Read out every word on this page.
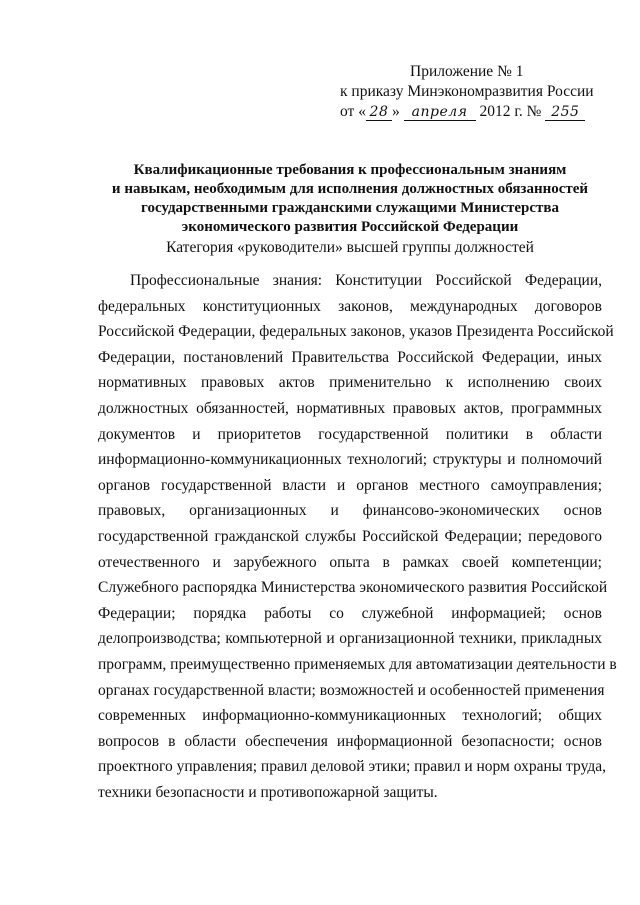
Приложение № 1
к приказу Минэкономразвития России
от « 28 » апреля 2012 г. № 255
Квалификационные требования к профессиональным знаниям
и навыкам, необходимым для исполнения должностных обязанностей
государственными гражданскими служащими Министерства
экономического развития Российской Федерации
Категория «руководители» высшей группы должностей
Профессиональные знания: Конституции Российской Федерации,
федеральных конституционных законов, международных договоров
Российской Федерации, федеральных законов, указов Президента Российской
Федерации, постановлений Правительства Российской Федерации, иных
нормативных правовых актов применительно к исполнению своих
должностных обязанностей, нормативных правовых актов, программных
документов и приоритетов государственной политики в области
информационно-коммуникационных технологий; структуры и полномочий
органов государственной власти и органов местного самоуправления;
правовых, организационных и финансово-экономических основ
государственной гражданской службы Российской Федерации; передового
отечественного и зарубежного опыта в рамках своей компетенции;
Служебного распорядка Министерства экономического развития Российской
Федерации; порядка работы со служебной информацией; основ
делопроизводства; компьютерной и организационной техники, прикладных
программ, преимущественно применяемых для автоматизации деятельности в
органах государственной власти; возможностей и особенностей применения
современных информационно-коммуникационных технологий; общих
вопросов в области обеспечения информационной безопасности; основ
проектного управления; правил деловой этики; правил и норм охраны труда,
техники безопасности и противопожарной защиты.
